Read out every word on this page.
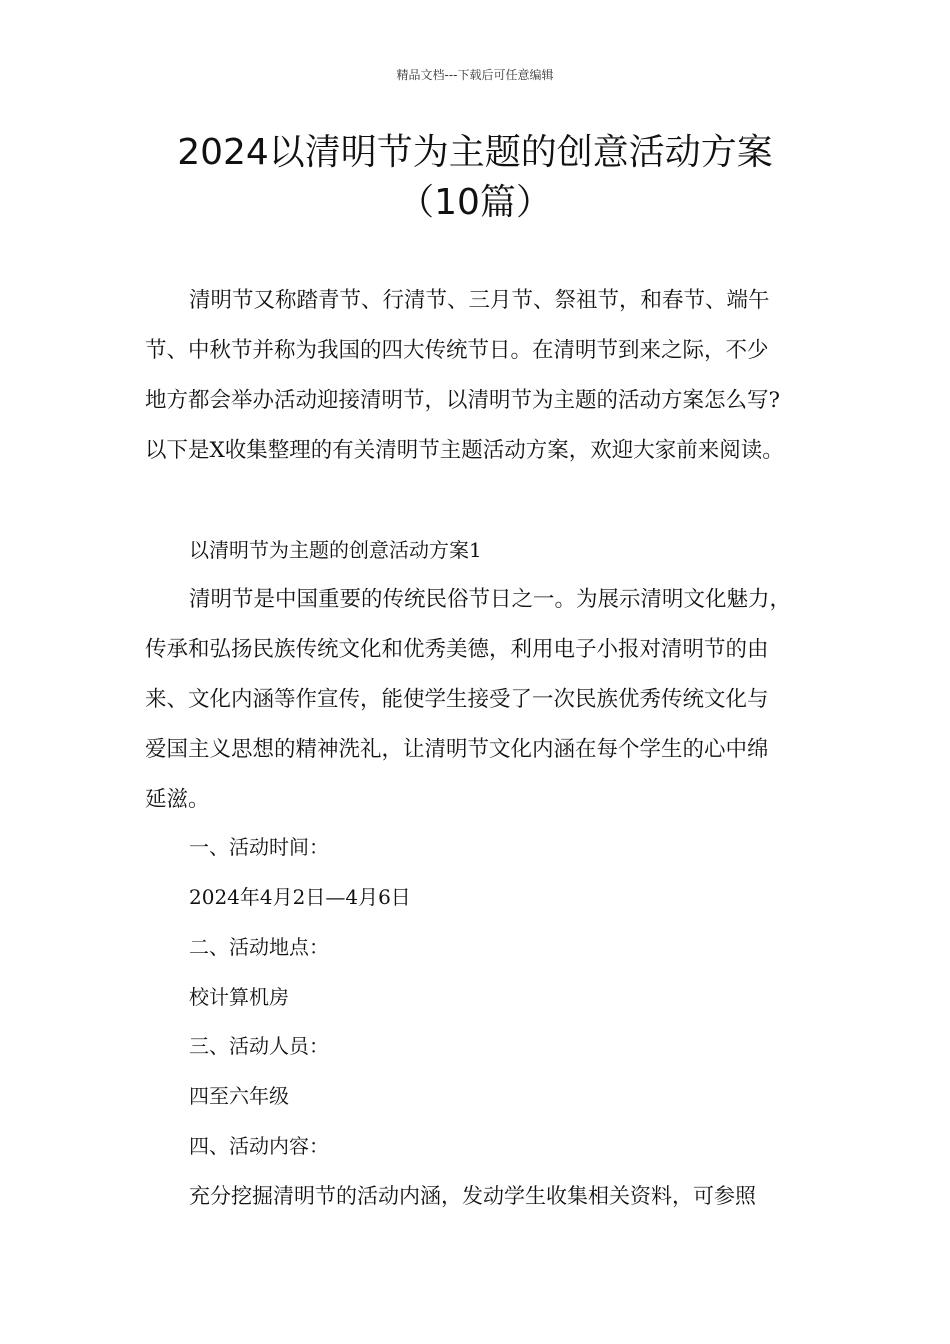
精品文档---下载后可任意编辑
2024以清明节为主题的创意活动方案
（10篇）
清明节又称踏青节、行清节、三月节、祭祖节，和春节、端午
节、中秋节并称为我国的四大传统节日。在清明节到来之际，不少
地方都会举办活动迎接清明节，以清明节为主题的活动方案怎么写?
以下是X收集整理的有关清明节主题活动方案，欢迎大家前来阅读。
以清明节为主题的创意活动方案1
清明节是中国重要的传统民俗节日之一。为展示清明文化魅力，
传承和弘扬民族传统文化和优秀美德，利用电子小报对清明节的由
来、文化内涵等作宣传，能使学生接受了一次民族优秀传统文化与
爱国主义思想的精神洗礼，让清明节文化内涵在每个学生的心中绵
延滋。
一、活动时间：
2024年4月2日—4月6日
二、活动地点：
校计算机房
三、活动人员：
四至六年级
四、活动内容：
充分挖掘清明节的活动内涵，发动学生收集相关资料，可参照
